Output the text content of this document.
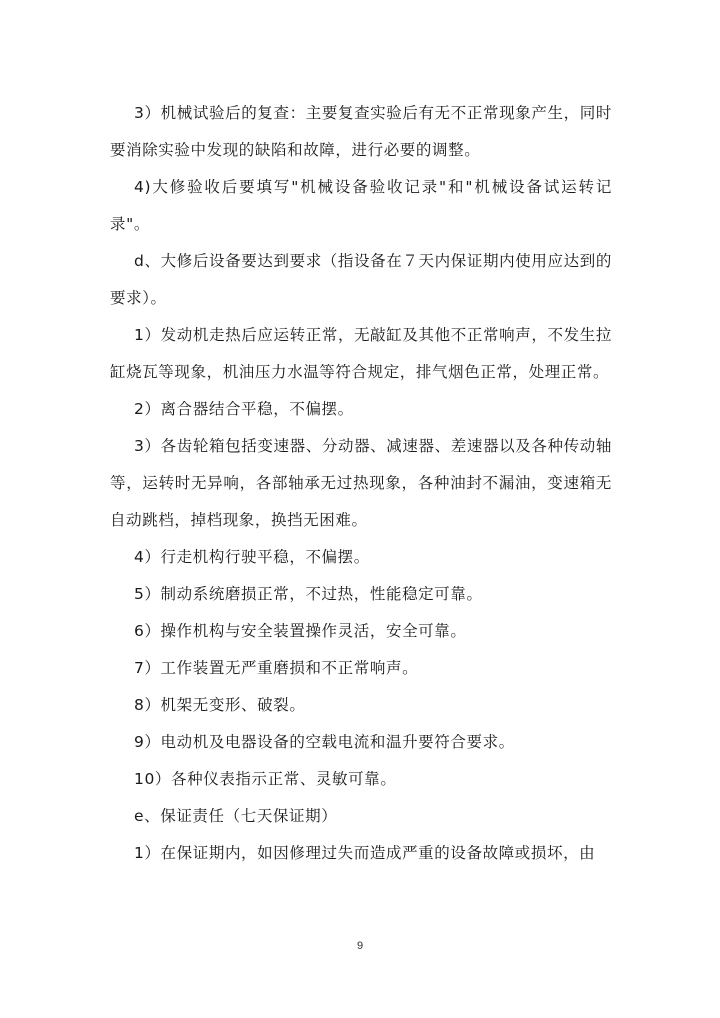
3）机械试验后的复查：主要复查实验后有无不正常现象产生，同时要消除实验中发现的缺陷和故障，进行必要的调整。

4)大修验收后要填写"机械设备验收记录"和"机械设备试运转记录"。

d、大修后设备要达到要求（指设备在７天内保证期内使用应达到的要求）。

1）发动机走热后应运转正常，无敲缸及其他不正常响声，不发生拉缸烧瓦等现象，机油压力水温等符合规定，排气烟色正常，处理正常。

2）离合器结合平稳，不偏摆。

3）各齿轮箱包括变速器、分动器、减速器、差速器以及各种传动轴等，运转时无异响，各部轴承无过热现象，各种油封不漏油，变速箱无自动跳档，掉档现象，换挡无困难。

4）行走机构行驶平稳，不偏摆。

5）制动系统磨损正常，不过热，性能稳定可靠。

6）操作机构与安全装置操作灵活，安全可靠。

7）工作装置无严重磨损和不正常响声。

8）机架无变形、破裂。

9）电动机及电器设备的空载电流和温升要符合要求。

10）各种仪表指示正常、灵敏可靠。

e、保证责任（七天保证期）

1）在保证期内，如因修理过失而造成严重的设备故障或损坏，由

9
